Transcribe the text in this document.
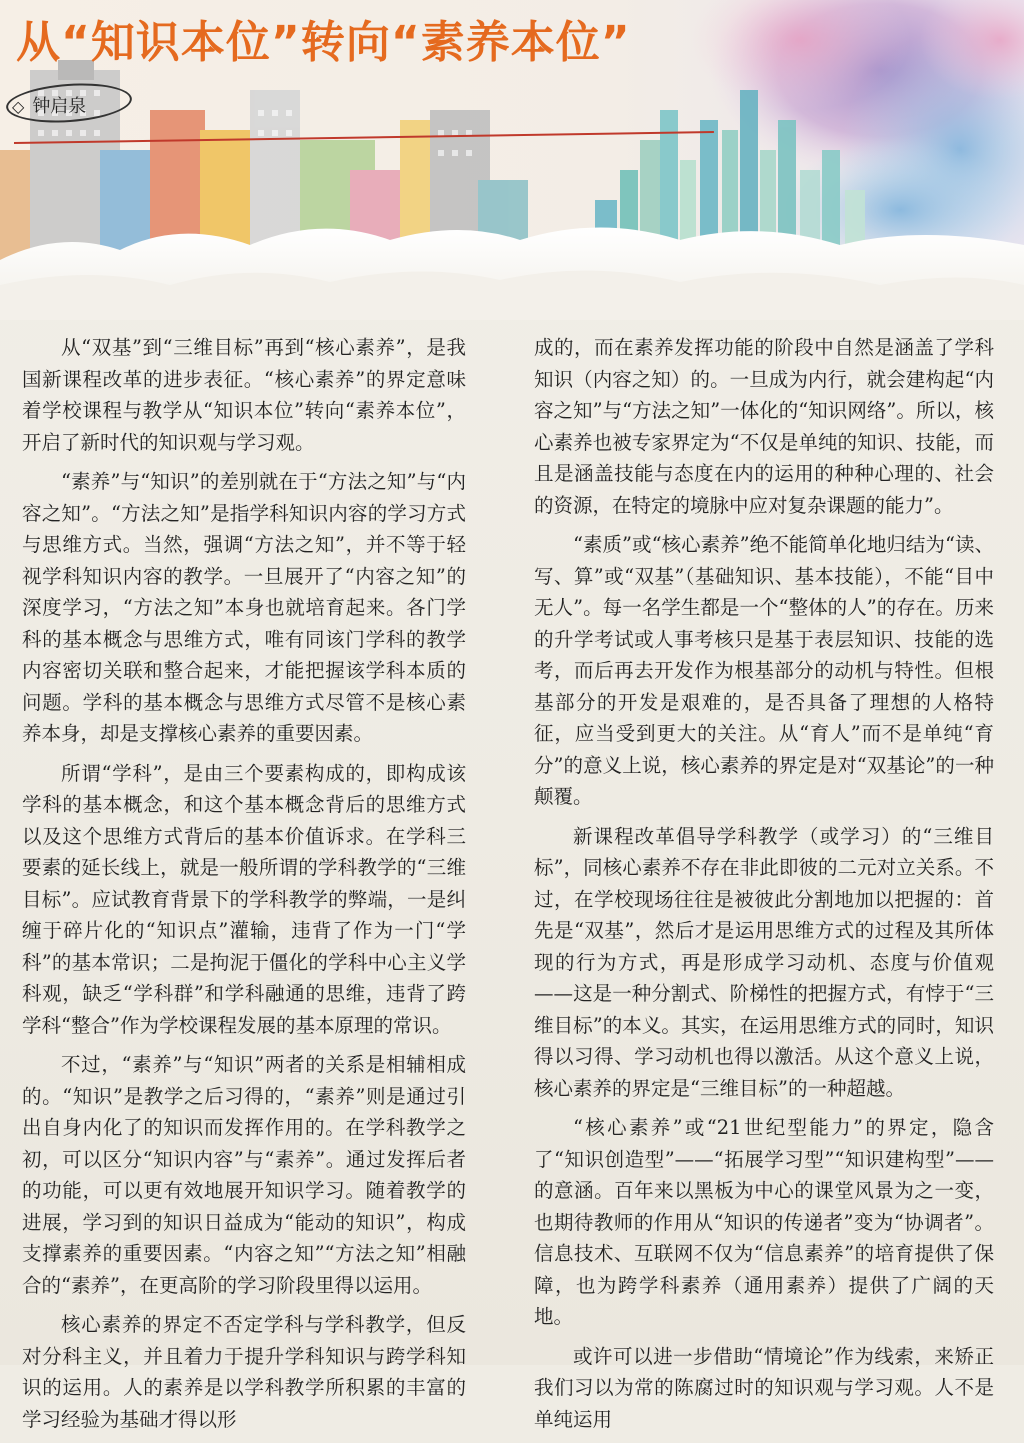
从“知识本位”转向“素养本位”
◇ 钟启泉

从“双基”到“三维目标”再到“核心素养”，是我国新课程改革的进步表征。“核心素养”的界定意味着学校课程与教学从“知识本位”转向“素养本位”，开启了新时代的知识观与学习观。

“素养”与“知识”的差别就在于“方法之知”与“内容之知”。“方法之知”是指学科知识内容的学习方式与思维方式。当然，强调“方法之知”，并不等于轻视学科知识内容的教学。一旦展开了“内容之知”的深度学习，“方法之知”本身也就培育起来。各门学科的基本概念与思维方式，唯有同该门学科的教学内容密切关联和整合起来，才能把握该学科本质的问题。学科的基本概念与思维方式尽管不是核心素养本身，却是支撑核心素养的重要因素。

所谓“学科”，是由三个要素构成的，即构成该学科的基本概念，和这个基本概念背后的思维方式以及这个思维方式背后的基本价值诉求。在学科三要素的延长线上，就是一般所谓的学科教学的“三维目标”。应试教育背景下的学科教学的弊端，一是纠缠于碎片化的“知识点”灌输，违背了作为一门“学科”的基本常识；二是拘泥于僵化的学科中心主义学科观，缺乏“学科群”和学科融通的思维，违背了跨学科“整合”作为学校课程发展的基本原理的常识。

不过，“素养”与“知识”两者的关系是相辅相成的。“知识”是教学之后习得的，“素养”则是通过引出自身内化了的知识而发挥作用的。在学科教学之初，可以区分“知识内容”与“素养”。通过发挥后者的功能，可以更有效地展开知识学习。随着教学的进展，学习到的知识日益成为“能动的知识”，构成支撑素养的重要因素。“内容之知”“方法之知”相融合的“素养”，在更高阶的学习阶段里得以运用。

核心素养的界定不否定学科与学科教学，但反对分科主义，并且着力于提升学科知识与跨学科知识的运用。人的素养是以学科教学所积累的丰富的学习经验为基础才得以形

成的，而在素养发挥功能的阶段中自然是涵盖了学科知识（内容之知）的。一旦成为内行，就会建构起“内容之知”与“方法之知”一体化的“知识网络”。所以，核心素养也被专家界定为“不仅是单纯的知识、技能，而且是涵盖技能与态度在内的运用的种种心理的、社会的资源，在特定的境脉中应对复杂课题的能力”。

“素质”或“核心素养”绝不能简单化地归结为“读、写、算”或“双基”（基础知识、基本技能），不能“目中无人”。每一名学生都是一个“整体的人”的存在。历来的升学考试或人事考核只是基于表层知识、技能的选考，而后再去开发作为根基部分的动机与特性。但根基部分的开发是艰难的，是否具备了理想的人格特征，应当受到更大的关注。从“育人”而不是单纯“育分”的意义上说，核心素养的界定是对“双基论”的一种颠覆。

新课程改革倡导学科教学（或学习）的“三维目标”，同核心素养不存在非此即彼的二元对立关系。不过，在学校现场往往是被彼此分割地加以把握的：首先是“双基”，然后才是运用思维方式的过程及其所体现的行为方式，再是形成学习动机、态度与价值观——这是一种分割式、阶梯性的把握方式，有悖于“三维目标”的本义。其实，在运用思维方式的同时，知识得以习得、学习动机也得以激活。从这个意义上说，核心素养的界定是“三维目标”的一种超越。

“核心素养”或“21世纪型能力”的界定，隐含了“知识创造型”——“拓展学习型”“知识建构型”——的意涵。百年来以黑板为中心的课堂风景为之一变，也期待教师的作用从“知识的传递者”变为“协调者”。信息技术、互联网不仅为“信息素养”的培育提供了保障，也为跨学科素养（通用素养）提供了广阔的天地。

或许可以进一步借助“情境论”作为线索，来矫正我们习以为常的陈腐过时的知识观与学习观。人不是单纯运用
